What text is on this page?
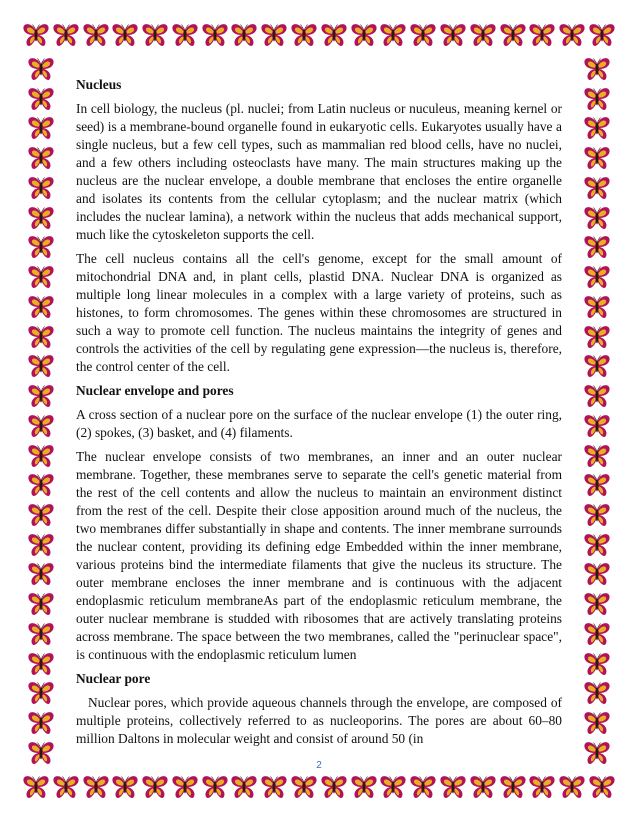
Nucleus

In cell biology, the nucleus (pl. nuclei; from Latin nucleus or nuculeus, meaning kernel or seed) is a membrane-bound organelle found in eukaryotic cells. Eukaryotes usually have a single nucleus, but a few cell types, such as mammalian red blood cells, have no nuclei, and a few others including osteoclasts have many. The main structures making up the nucleus are the nuclear envelope, a double membrane that encloses the entire organelle and isolates its contents from the cellular cytoplasm; and the nuclear matrix (which includes the nuclear lamina), a network within the nucleus that adds mechanical support, much like the cytoskeleton supports the cell.

The cell nucleus contains all the cell's genome, except for the small amount of mitochondrial DNA and, in plant cells, plastid DNA. Nuclear DNA is organized as multiple long linear molecules in a complex with a large variety of proteins, such as histones, to form chromosomes. The genes within these chromosomes are structured in such a way to promote cell function. The nucleus maintains the integrity of genes and controls the activities of the cell by regulating gene expression—the nucleus is, therefore, the control center of the cell.

Nuclear envelope and pores

A cross section of a nuclear pore on the surface of the nuclear envelope (1) the outer ring, (2) spokes, (3) basket, and (4) filaments.

The nuclear envelope consists of two membranes, an inner and an outer nuclear membrane. Together, these membranes serve to separate the cell's genetic material from the rest of the cell contents and allow the nucleus to maintain an environment distinct from the rest of the cell. Despite their close apposition around much of the nucleus, the two membranes differ substantially in shape and contents. The inner membrane surrounds the nuclear content, providing its defining edge Embedded within the inner membrane, various proteins bind the intermediate filaments that give the nucleus its structure. The outer membrane encloses the inner membrane and is continuous with the adjacent endoplasmic reticulum membraneAs part of the endoplasmic reticulum membrane, the outer nuclear membrane is studded with ribosomes that are actively translating proteins across membrane. The space between the two membranes, called the "perinuclear space", is continuous with the endoplasmic reticulum lumen

Nuclear pore

Nuclear pores, which provide aqueous channels through the envelope, are composed of multiple proteins, collectively referred to as nucleoporins. The pores are about 60–80 million Daltons in molecular weight and consist of around 50 (in

2
